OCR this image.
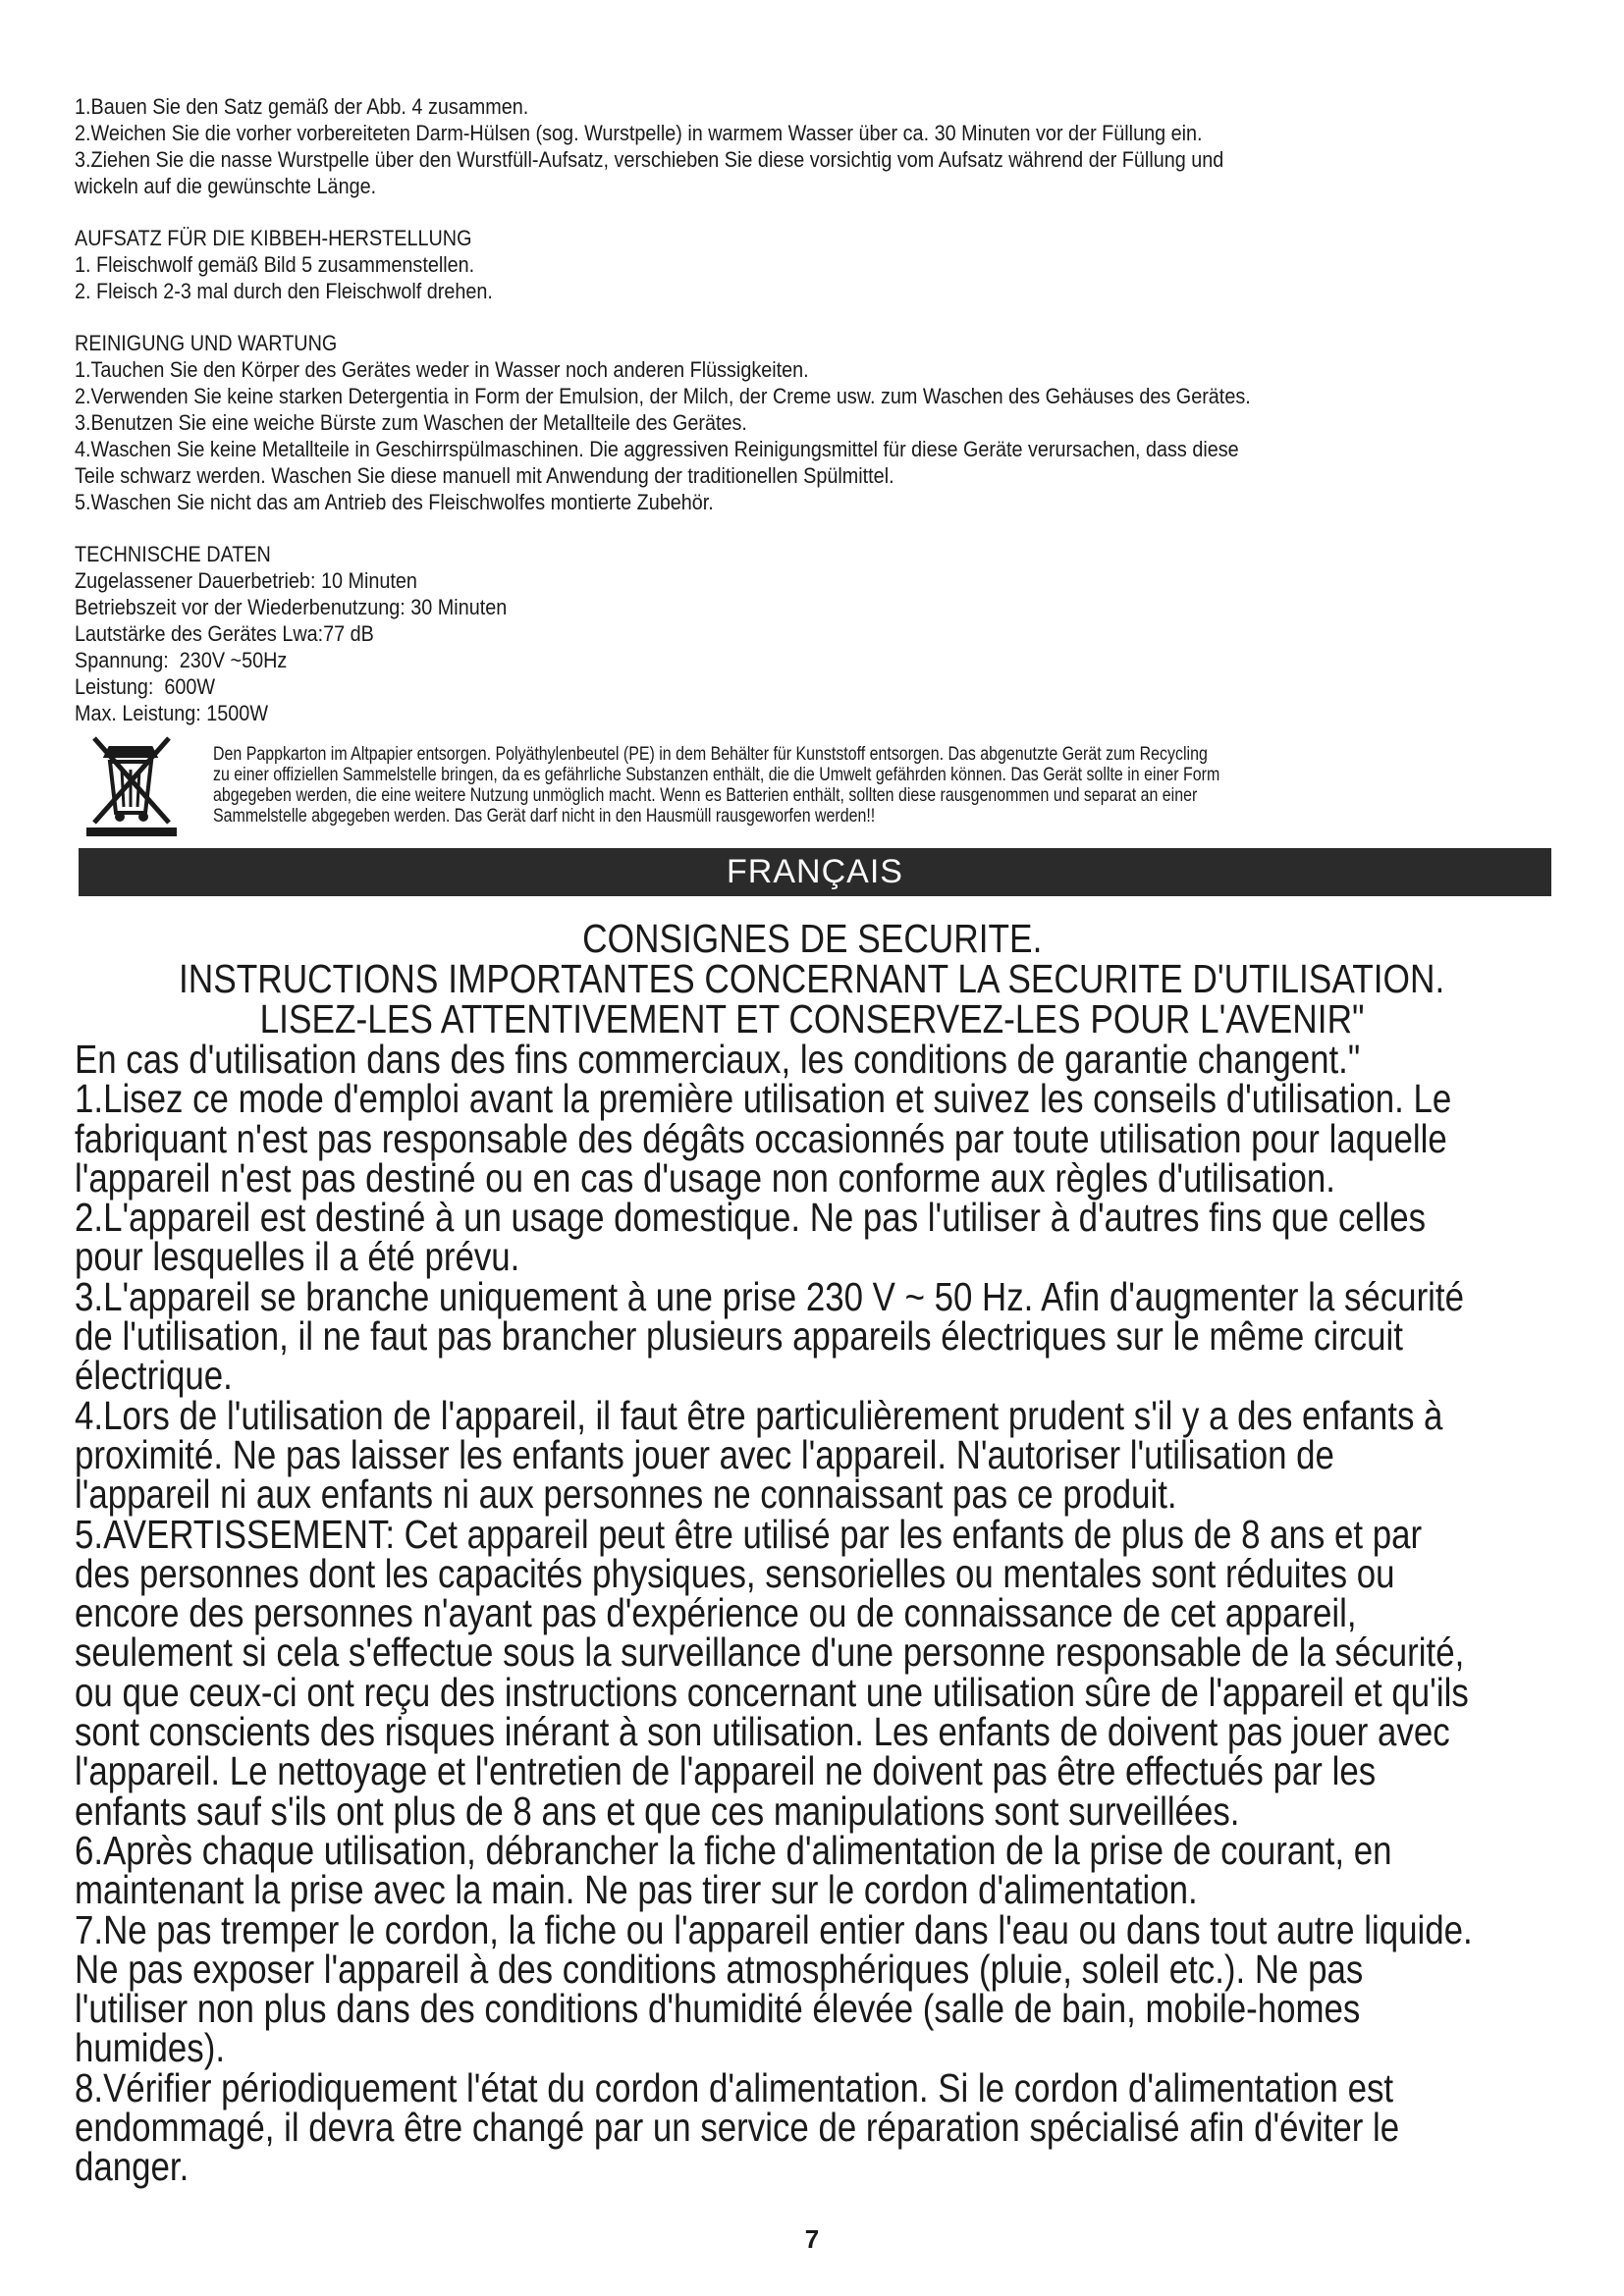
1.Bauen Sie den Satz gemäß der Abb. 4 zusammen.

2.Weichen Sie die vorher vorbereiteten Darm-Hülsen (sog. Wurstpelle) in warmem Wasser über ca. 30 Minuten vor der Füllung ein.

3.Ziehen Sie die nasse Wurstpelle über den Wurstfüll-Aufsatz, verschieben Sie diese vorsichtig vom Aufsatz während der Füllung und

wickeln auf die gewünschte Länge.

AUFSATZ FÜR DIE KIBBEH-HERSTELLUNG

1. Fleischwolf gemäß Bild 5 zusammenstellen.

2. Fleisch 2-3 mal durch den Fleischwolf drehen.

REINIGUNG UND WARTUNG

1.Tauchen Sie den Körper des Gerätes weder in Wasser noch anderen Flüssigkeiten.

2.Verwenden Sie keine starken Detergentia in Form der Emulsion, der Milch, der Creme usw. zum Waschen des Gehäuses des Gerätes.

3.Benutzen Sie eine weiche Bürste zum Waschen der Metallteile des Gerätes.

4.Waschen Sie keine Metallteile in Geschirrspülmaschinen. Die aggressiven Reinigungsmittel für diese Geräte verursachen, dass diese

Teile schwarz werden. Waschen Sie diese manuell mit Anwendung der traditionellen Spülmittel.

5.Waschen Sie nicht das am Antrieb des Fleischwolfes montierte Zubehör.

TECHNISCHE DATEN

Zugelassener Dauerbetrieb: 10 Minuten

Betriebszeit vor der Wiederbenutzung: 30 Minuten

Lautstärke des Gerätes Lwa:77 dB

Spannung:  230V ~50Hz

Leistung:  600W

Max. Leistung: 1500W

Den Pappkarton im Altpapier entsorgen. Polyäthylenbeutel (PE) in dem Behälter für Kunststoff entsorgen. Das abgenutzte Gerät zum Recycling

zu einer offiziellen Sammelstelle bringen, da es gefährliche Substanzen enthält, die die Umwelt gefährden können. Das Gerät sollte in einer Form

abgegeben werden, die eine weitere Nutzung unmöglich macht. Wenn es Batterien enthält, sollten diese rausgenommen und separat an einer

Sammelstelle abgegeben werden. Das Gerät darf nicht in den Hausmüll rausgeworfen werden!!

FRANÇAIS
CONSIGNES DE SECURITE.
INSTRUCTIONS IMPORTANTES CONCERNANT LA SECURITE D'UTILISATION.
LISEZ-LES ATTENTIVEMENT ET CONSERVEZ-LES POUR L'AVENIR"

En cas d'utilisation dans des fins commerciaux, les conditions de garantie changent."

1.Lisez ce mode d'emploi avant la première utilisation et suivez les conseils d'utilisation. Le

fabriquant n'est pas responsable des dégâts occasionnés par toute utilisation pour laquelle

l'appareil n'est pas destiné ou en cas d'usage non conforme aux règles d'utilisation.

2.L'appareil est destiné à un usage domestique. Ne pas l'utiliser à d'autres fins que celles

pour lesquelles il a été prévu.

3.L'appareil se branche uniquement à une prise 230 V ~ 50 Hz. Afin d'augmenter la sécurité

de l'utilisation, il ne faut pas brancher plusieurs appareils électriques sur le même circuit

électrique.

4.Lors de l'utilisation de l'appareil, il faut être particulièrement prudent s'il y a des enfants à

proximité. Ne pas laisser les enfants jouer avec l'appareil. N'autoriser l'utilisation de

l'appareil ni aux enfants ni aux personnes ne connaissant pas ce produit.

5.AVERTISSEMENT: Cet appareil peut être utilisé par les enfants de plus de 8 ans et par

des personnes dont les capacités physiques, sensorielles ou mentales sont réduites ou

encore des personnes n'ayant pas d'expérience ou de connaissance de cet appareil,

seulement si cela s'effectue sous la surveillance d'une personne responsable de la sécurité,

ou que ceux-ci ont reçu des instructions concernant une utilisation sûre de l'appareil et qu'ils

sont conscients des risques inérant à son utilisation. Les enfants de doivent pas jouer avec

l'appareil. Le nettoyage et l'entretien de l'appareil ne doivent pas être effectués par les

enfants sauf s'ils ont plus de 8 ans et que ces manipulations sont surveillées.

6.Après chaque utilisation, débrancher la fiche d'alimentation de la prise de courant, en

maintenant la prise avec la main. Ne pas tirer sur le cordon d'alimentation.

7.Ne pas tremper le cordon, la fiche ou l'appareil entier dans l'eau ou dans tout autre liquide.

Ne pas exposer l'appareil à des conditions atmosphériques (pluie, soleil etc.). Ne pas

l'utiliser non plus dans des conditions d'humidité élevée (salle de bain, mobile-homes

humides).

8.Vérifier périodiquement l'état du cordon d'alimentation. Si le cordon d'alimentation est

endommagé, il devra être changé par un service de réparation spécialisé afin d'éviter le

danger.

7
